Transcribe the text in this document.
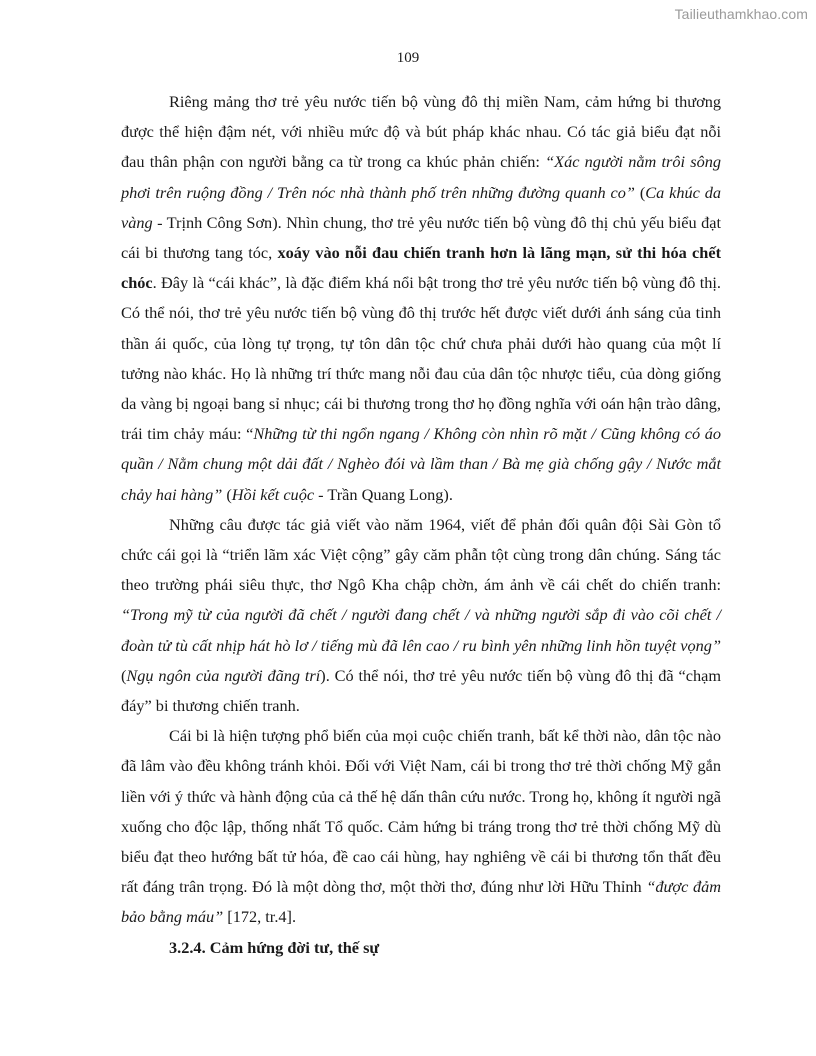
Tailieuthamkhao.com
109

Riêng mảng thơ trẻ yêu nước tiến bộ vùng đô thị miền Nam, cảm hứng bi thương được thể hiện đậm nét, với nhiều mức độ và bút pháp khác nhau. Có tác giả biểu đạt nỗi đau thân phận con người bằng ca từ trong ca khúc phản chiến: “Xác người nằm trôi sông phơi trên ruộng đồng / Trên nóc nhà thành phố trên những đường quanh co” (Ca khúc da vàng - Trịnh Công Sơn). Nhìn chung, thơ trẻ yêu nước tiến bộ vùng đô thị chủ yếu biểu đạt cái bi thương tang tóc, xoáy vào nỗi đau chiến tranh hơn là lãng mạn, sử thi hóa chết chóc. Đây là “cái khác”, là đặc điểm khá nổi bật trong thơ trẻ yêu nước tiến bộ vùng đô thị. Có thể nói, thơ trẻ yêu nước tiến bộ vùng đô thị trước hết được viết dưới ánh sáng của tinh thần ái quốc, của lòng tự trọng, tự tôn dân tộc chứ chưa phải dưới hào quang của một lí tưởng nào khác. Họ là những trí thức mang nỗi đau của dân tộc nhược tiểu, của dòng giống da vàng bị ngoại bang sỉ nhục; cái bi thương trong thơ họ đồng nghĩa với oán hận trào dâng, trái tim chảy máu: “Những từ thi ngổn ngang / Không còn nhìn rõ mặt / Cũng không có áo quần / Nằm chung một dải đất / Nghèo đói và lầm than / Bà mẹ già chống gậy / Nước mắt chảy hai hàng” (Hồi kết cuộc - Trần Quang Long).

Những câu được tác giả viết vào năm 1964, viết để phản đối quân đội Sài Gòn tổ chức cái gọi là “triển lãm xác Việt cộng” gây căm phẫn tột cùng trong dân chúng. Sáng tác theo trường phái siêu thực, thơ Ngô Kha chập chờn, ám ảnh về cái chết do chiến tranh: “Trong mỹ từ của người đã chết / người đang chết / và những người sắp đi vào cõi chết / đoàn tử tù cất nhịp hát hò lơ / tiếng mù đã lên cao / ru bình yên những linh hồn tuyệt vọng” (Ngụ ngôn của người đãng trí). Có thể nói, thơ trẻ yêu nước tiến bộ vùng đô thị đã “chạm đáy” bi thương chiến tranh.

Cái bi là hiện tượng phổ biến của mọi cuộc chiến tranh, bất kể thời nào, dân tộc nào đã lâm vào đều không tránh khỏi. Đối với Việt Nam, cái bi trong thơ trẻ thời chống Mỹ gắn liền với ý thức và hành động của cả thế hệ dấn thân cứu nước. Trong họ, không ít người ngã xuống cho độc lập, thống nhất Tổ quốc. Cảm hứng bi tráng trong thơ trẻ thời chống Mỹ dù biểu đạt theo hướng bất tử hóa, đề cao cái hùng, hay nghiêng về cái bi thương tổn thất đều rất đáng trân trọng. Đó là một dòng thơ, một thời thơ, đúng như lời Hữu Thỉnh “được đảm bảo bằng máu” [172, tr.4].

3.2.4. Cảm hứng đời tư, thế sự
